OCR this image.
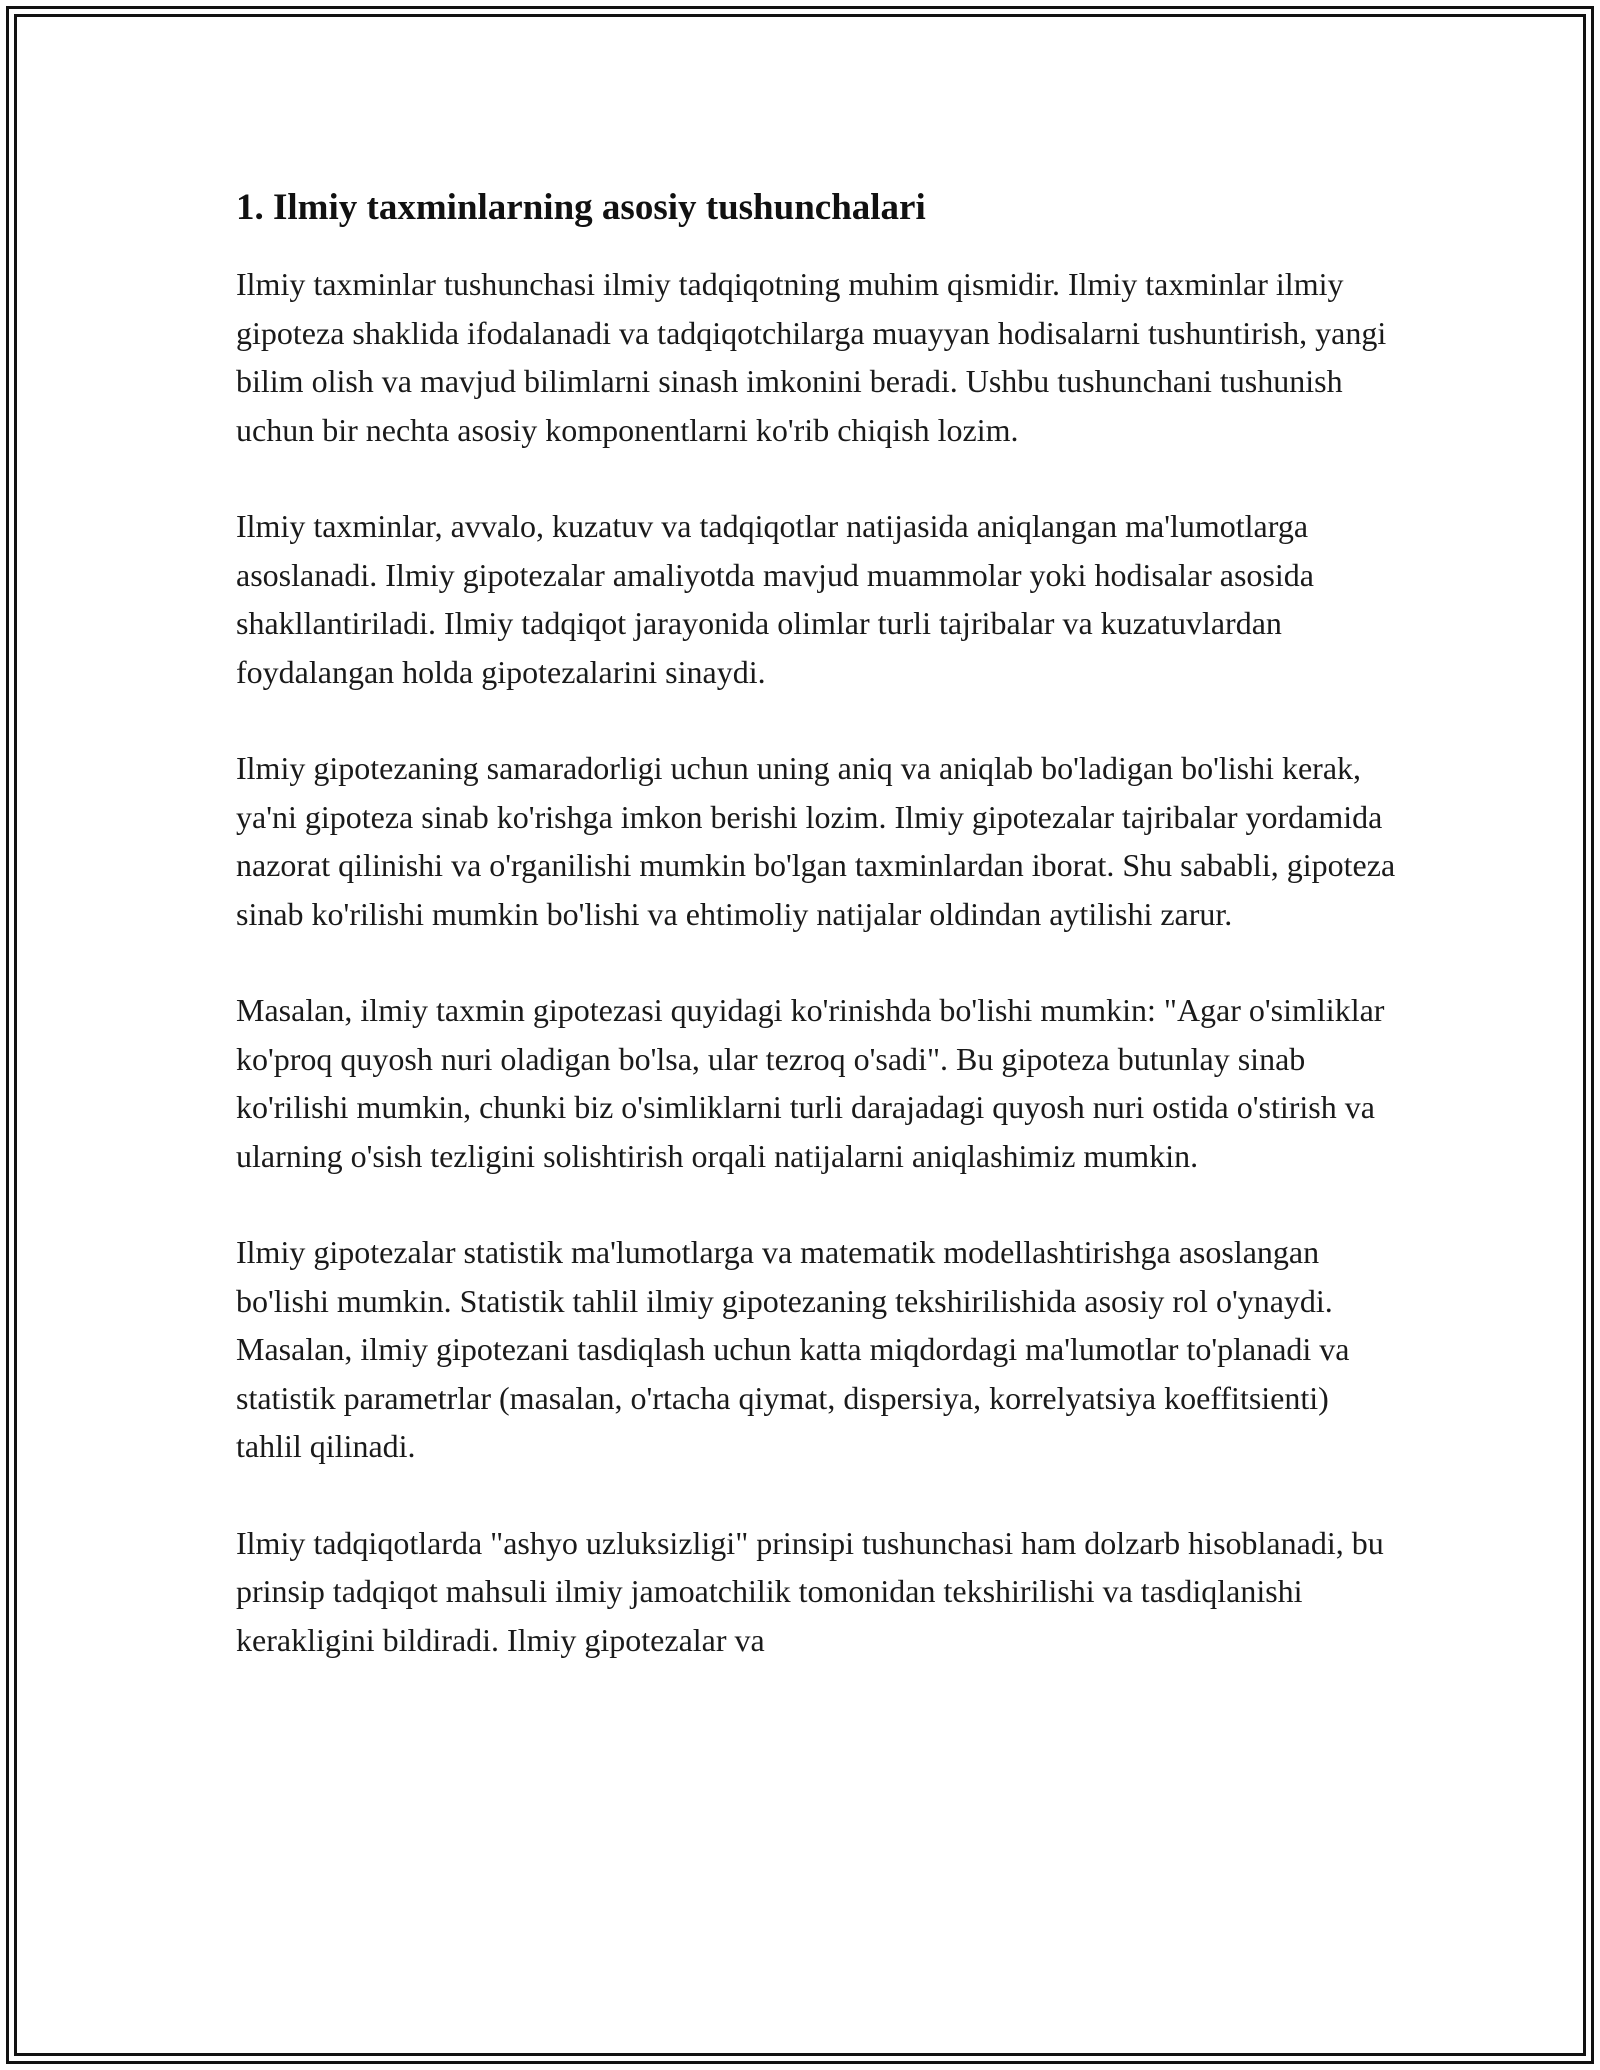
1. Ilmiy taxminlarning asosiy tushunchalari

Ilmiy taxminlar tushunchasi ilmiy tadqiqotning muhim qismidir. Ilmiy taxminlar ilmiy gipoteza shaklida ifodalanadi va tadqiqotchilarga muayyan hodisalarni tushuntirish, yangi bilim olish va mavjud bilimlarni sinash imkonini beradi. Ushbu tushunchani tushunish uchun bir nechta asosiy komponentlarni ko'rib chiqish lozim.

Ilmiy taxminlar, avvalo, kuzatuv va tadqiqotlar natijasida aniqlangan ma'lumotlarga asoslanadi. Ilmiy gipotezalar amaliyotda mavjud muammolar yoki hodisalar asosida shakllantiriladi. Ilmiy tadqiqot jarayonida olimlar turli tajribalar va kuzatuvlardan foydalangan holda gipotezalarini sinaydi.

Ilmiy gipotezaning samaradorligi uchun uning aniq va aniqlab bo'ladigan bo'lishi kerak, ya'ni gipoteza sinab ko'rishga imkon berishi lozim. Ilmiy gipotezalar tajribalar yordamida nazorat qilinishi va o'rganilishi mumkin bo'lgan taxminlardan iborat. Shu sababli, gipoteza sinab ko'rilishi mumkin bo'lishi va ehtimoliy natijalar oldindan aytilishi zarur.

Masalan, ilmiy taxmin gipotezasi quyidagi ko'rinishda bo'lishi mumkin: "Agar o'simliklar ko'proq quyosh nuri oladigan bo'lsa, ular tezroq o'sadi". Bu gipoteza butunlay sinab ko'rilishi mumkin, chunki biz o'simliklarni turli darajadagi quyosh nuri ostida o'stirish va ularning o'sish tezligini solishtirish orqali natijalarni aniqlashimiz mumkin.

Ilmiy gipotezalar statistik ma'lumotlarga va matematik modellashtirishga asoslangan bo'lishi mumkin. Statistik tahlil ilmiy gipotezaning tekshirilishida asosiy rol o'ynaydi. Masalan, ilmiy gipotezani tasdiqlash uchun katta miqdordagi ma'lumotlar to'planadi va statistik parametrlar (masalan, o'rtacha qiymat, dispersiya, korrelyatsiya koeffitsienti) tahlil qilinadi.

Ilmiy tadqiqotlarda "ashyo uzluksizligi" prinsipi tushunchasi ham dolzarb hisoblanadi, bu prinsip tadqiqot mahsuli ilmiy jamoatchilik tomonidan tekshirilishi va tasdiqlanishi kerakligini bildiradi. Ilmiy gipotezalar va
